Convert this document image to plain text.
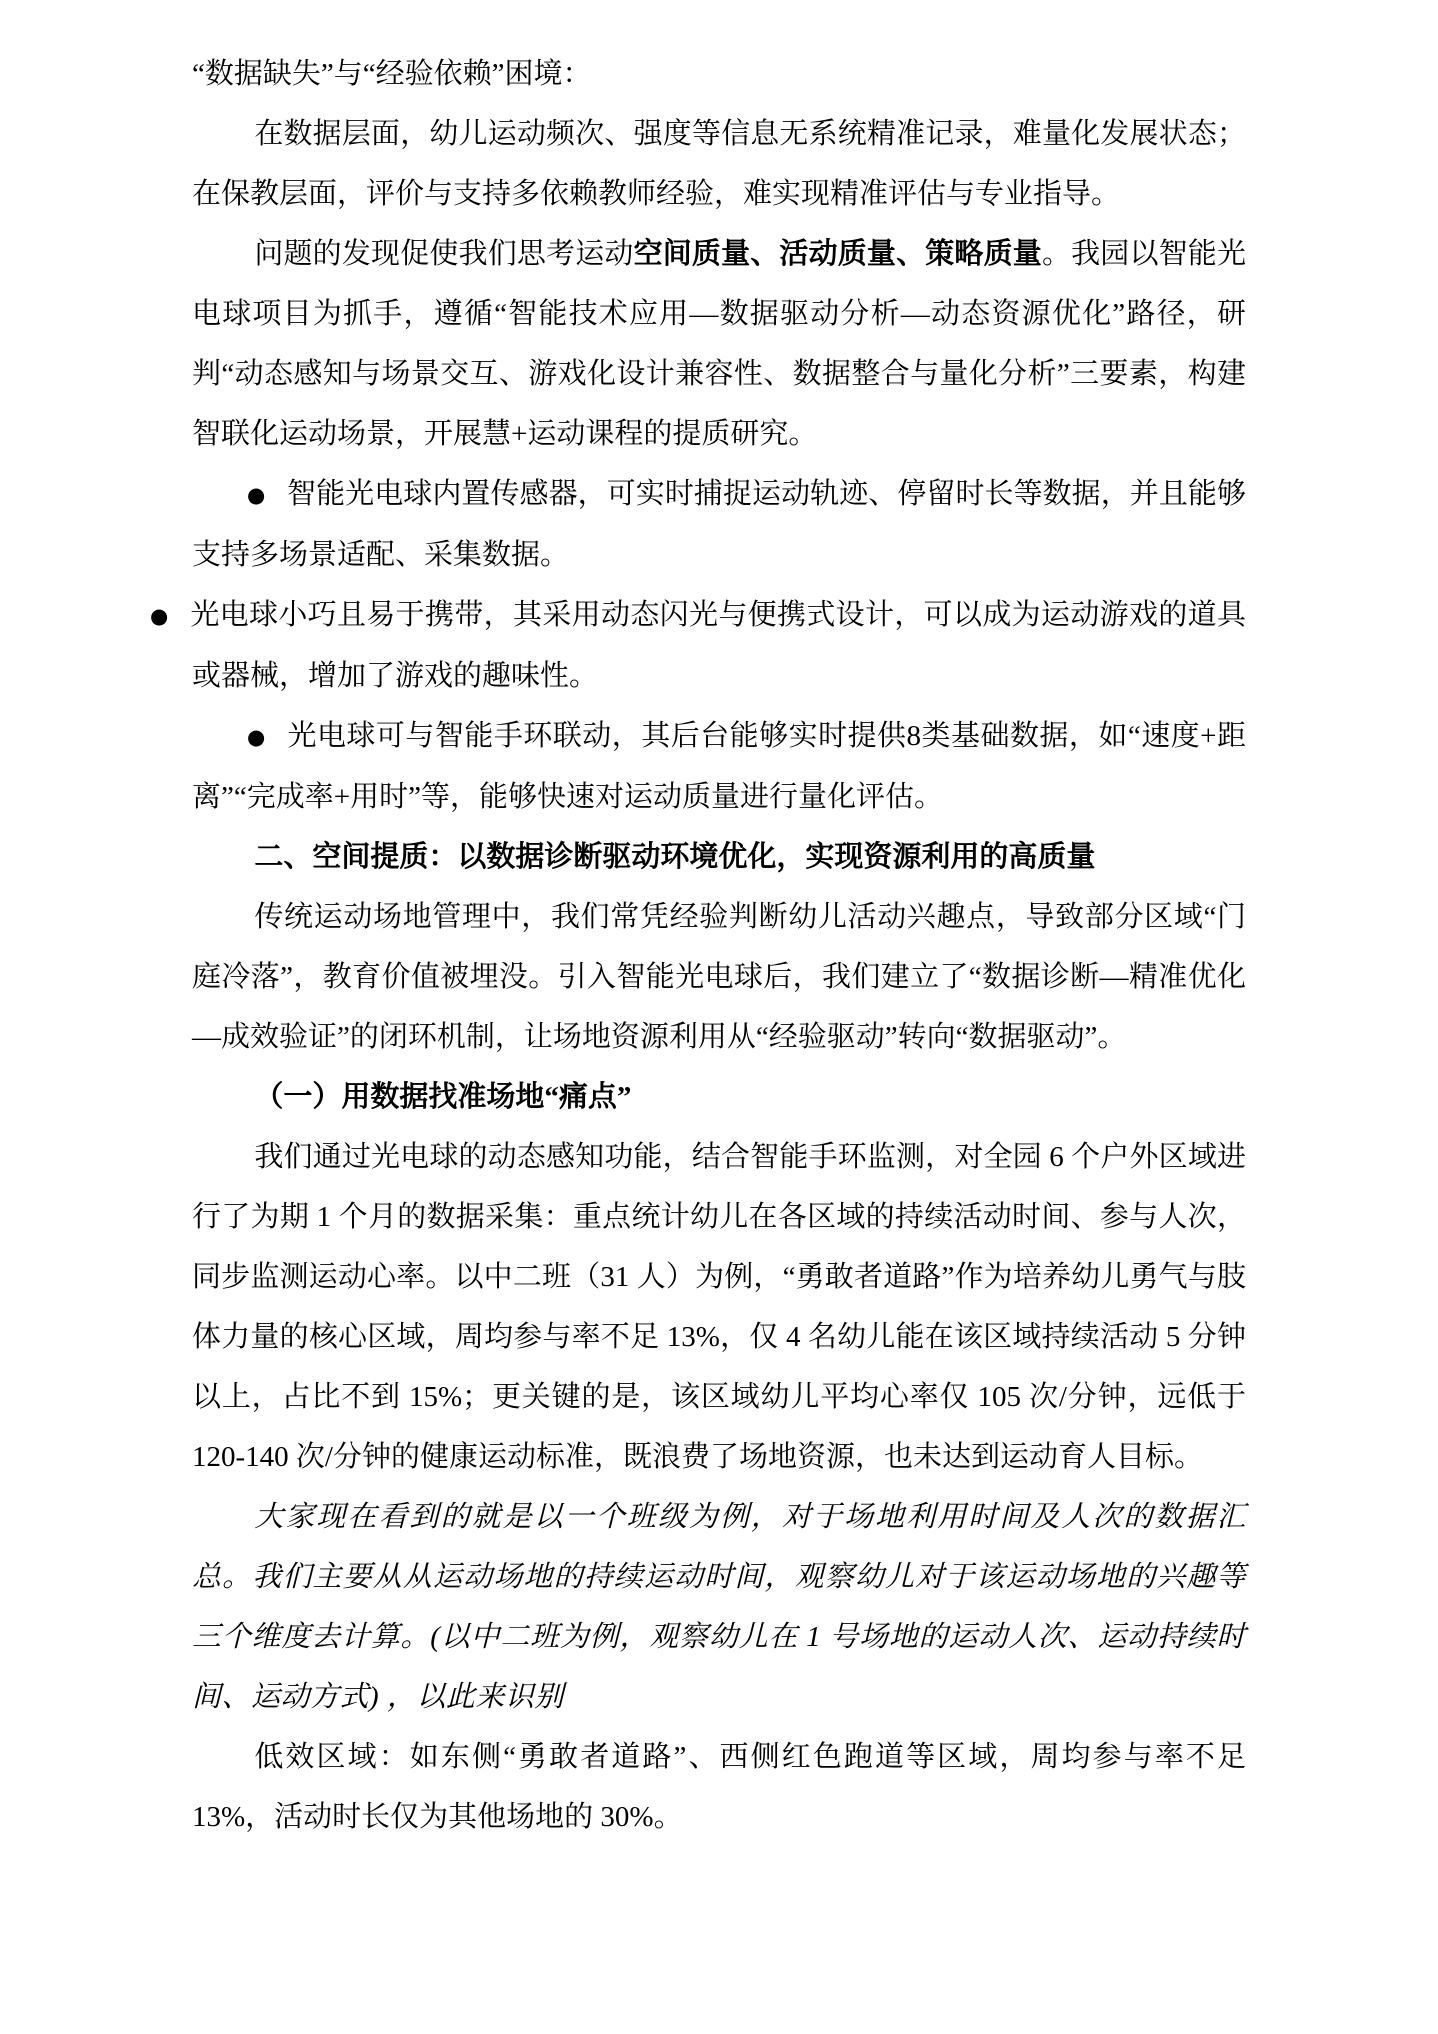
“数据缺失”与“经验依赖”困境：

在数据层面，幼儿运动频次、强度等信息无系统精准记录，难量化发展状态；在保教层面，评价与支持多依赖教师经验，难实现精准评估与专业指导。

问题的发现促使我们思考运动空间质量、活动质量、策略质量。我园以智能光电球项目为抓手，遵循“智能技术应用—数据驱动分析—动态资源优化”路径，研判“动态感知与场景交互、游戏化设计兼容性、数据整合与量化分析”三要素，构建智联化运动场景，开展慧+运动课程的提质研究。

● 智能光电球内置传感器，可实时捕捉运动轨迹、停留时长等数据，并且能够支持多场景适配、采集数据。

● 光电球小巧且易于携带，其采用动态闪光与便携式设计，可以成为运动游戏的道具或器械，增加了游戏的趣味性。

● 光电球可与智能手环联动，其后台能够实时提供8类基础数据，如“速度+距离”“完成率+用时”等，能够快速对运动质量进行量化评估。

二、空间提质：以数据诊断驱动环境优化，实现资源利用的高质量

传统运动场地管理中，我们常凭经验判断幼儿活动兴趣点，导致部分区域“门庭冷落”，教育价值被埋没。引入智能光电球后，我们建立了“数据诊断—精准优化—成效验证”的闭环机制，让场地资源利用从“经验驱动”转向“数据驱动”。

（一）用数据找准场地“痛点”

我们通过光电球的动态感知功能，结合智能手环监测，对全园 6 个户外区域进行了为期 1 个月的数据采集：重点统计幼儿在各区域的持续活动时间、参与人次，同步监测运动心率。以中二班（31 人）为例，“勇敢者道路”作为培养幼儿勇气与肢体力量的核心区域，周均参与率不足 13%，仅 4 名幼儿能在该区域持续活动 5 分钟以上，占比不到 15%；更关键的是，该区域幼儿平均心率仅 105 次/分钟，远低于 120-140 次/分钟的健康运动标准，既浪费了场地资源，也未达到运动育人目标。

大家现在看到的就是以一个班级为例，对于场地利用时间及人次的数据汇总。我们主要从从运动场地的持续运动时间，观察幼儿对于该运动场地的兴趣等三个维度去计算。(以中二班为例，观察幼儿在 1 号场地的运动人次、运动持续时间、运动方式) ，以此来识别

低效区域：如东侧“勇敢者道路”、西侧红色跑道等区域，周均参与率不足 13%，活动时长仅为其他场地的 30%。
